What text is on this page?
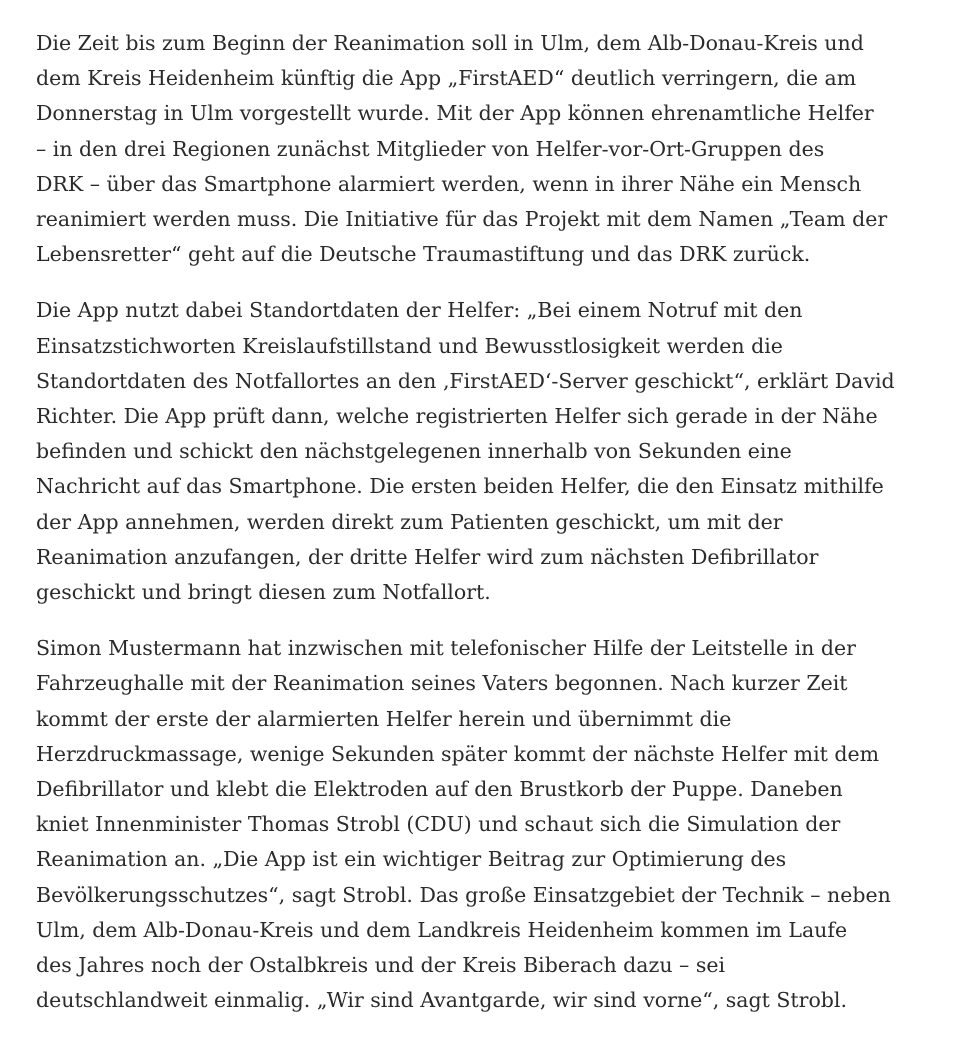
Die Zeit bis zum Beginn der Reanimation soll in Ulm, dem Alb-Donau-Kreis und
dem Kreis Heidenheim künftig die App „FirstAED“ deutlich verringern, die am
Donnerstag in Ulm vorgestellt wurde. Mit der App können ehrenamtliche Helfer
– in den drei Regionen zunächst Mitglieder von Helfer-vor-Ort-Gruppen des
DRK – über das Smartphone alarmiert werden, wenn in ihrer Nähe ein Mensch
reanimiert werden muss. Die Initiative für das Projekt mit dem Namen „Team der
Lebensretter“ geht auf die Deutsche Traumastiftung und das DRK zurück.

Die App nutzt dabei Standortdaten der Helfer: „Bei einem Notruf mit den
Einsatzstichworten Kreislaufstillstand und Bewusstlosigkeit werden die
Standortdaten des Notfallortes an den ‚FirstAED‘-Server geschickt“, erklärt David
Richter. Die App prüft dann, welche registrierten Helfer sich gerade in der Nähe
befinden und schickt den nächstgelegenen innerhalb von Sekunden eine
Nachricht auf das Smartphone. Die ersten beiden Helfer, die den Einsatz mithilfe
der App annehmen, werden direkt zum Patienten geschickt, um mit der
Reanimation anzufangen, der dritte Helfer wird zum nächsten Defibrillator
geschickt und bringt diesen zum Notfallort.

Simon Mustermann hat inzwischen mit telefonischer Hilfe der Leitstelle in der
Fahrzeughalle mit der Reanimation seines Vaters begonnen. Nach kurzer Zeit
kommt der erste der alarmierten Helfer herein und übernimmt die
Herzdruckmassage, wenige Sekunden später kommt der nächste Helfer mit dem
Defibrillator und klebt die Elektroden auf den Brustkorb der Puppe. Daneben
kniet Innenminister Thomas Strobl (CDU) und schaut sich die Simulation der
Reanimation an. „Die App ist ein wichtiger Beitrag zur Optimierung des
Bevölkerungsschutzes“, sagt Strobl. Das große Einsatzgebiet der Technik – neben
Ulm, dem Alb-Donau-Kreis und dem Landkreis Heidenheim kommen im Laufe
des Jahres noch der Ostalbkreis und der Kreis Biberach dazu – sei
deutschlandweit einmalig. „Wir sind Avantgarde, wir sind vorne“, sagt Strobl.
